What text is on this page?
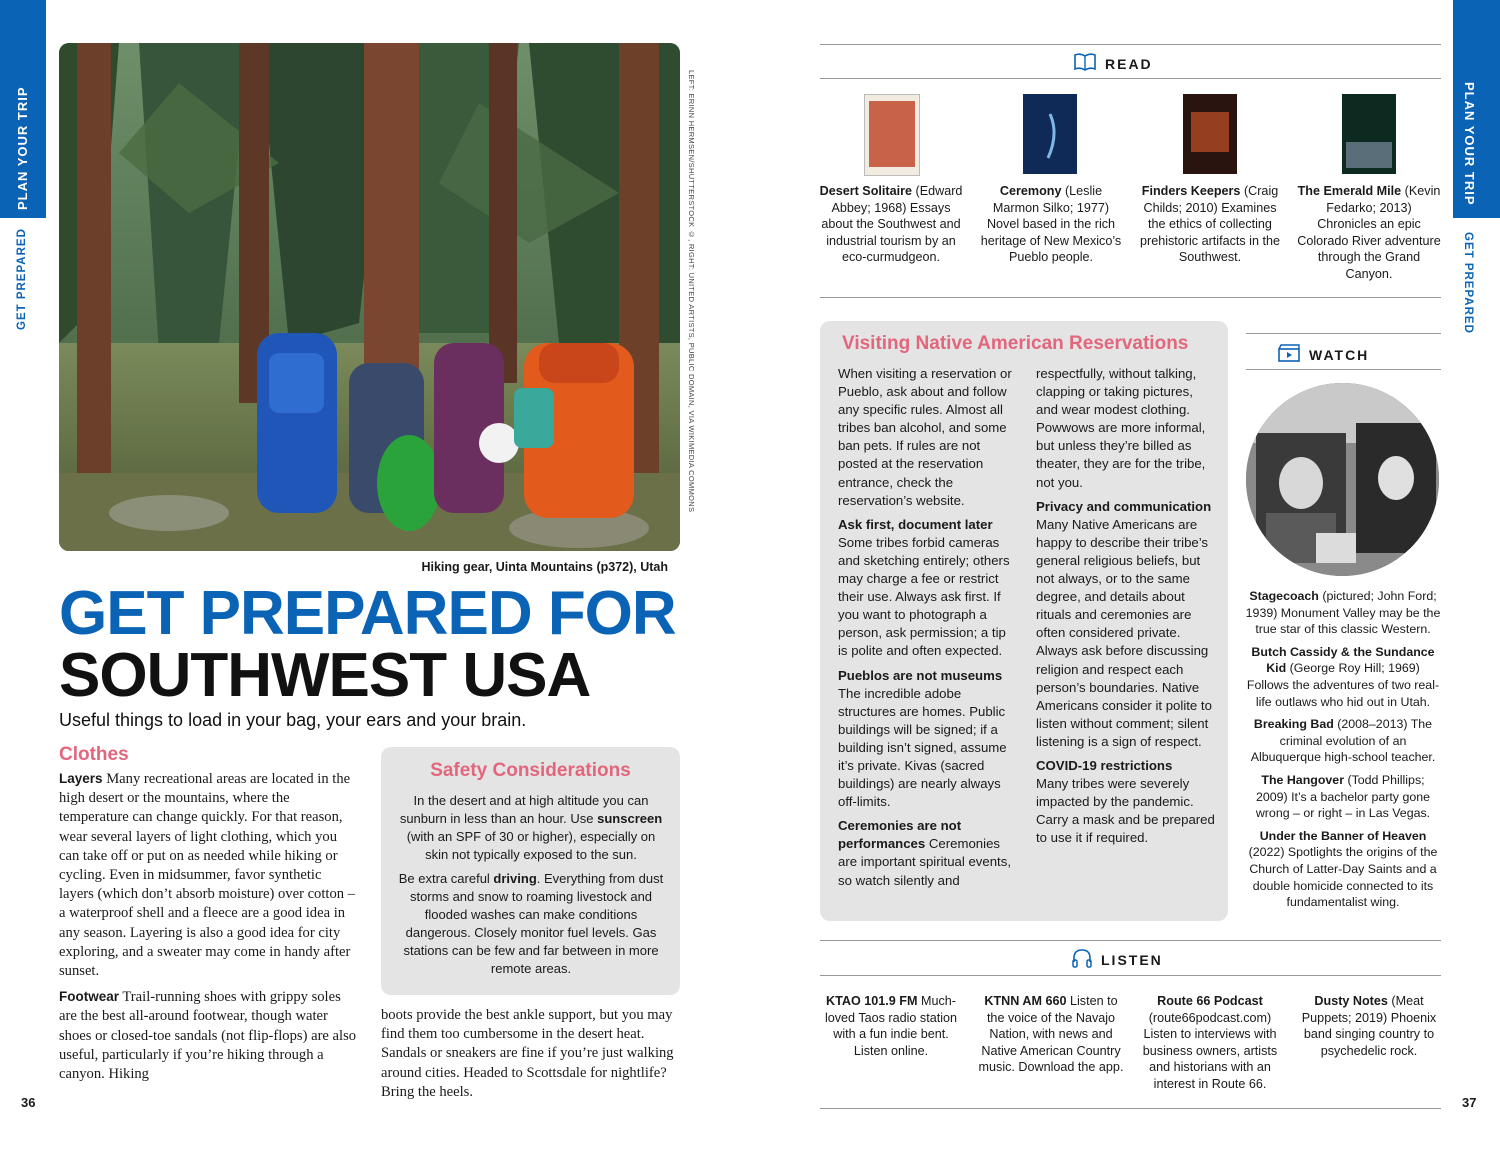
PLAN YOUR TRIP
GET PREPARED
PLAN YOUR TRIP
GET PREPARED
LEFT: ERINN HERMSEN/SHUTTERSTOCK ©, RIGHT: UNITED ARTISTS, PUBLIC DOMAIN, VIA WIKIMEDIA COMMONS
Hiking gear, Uinta Mountains (p372), Utah
GET PREPARED FOR
SOUTHWEST USA
Useful things to load in your bag, your ears and your brain.
Clothes
Layers Many recreational areas are located in the high desert or the mountains, where the temperature can change quickly. For that reason, wear several layers of light clothing, which you can take off or put on as needed while hiking or cycling. Even in midsummer, favor synthetic layers (which don’t absorb moisture) over cotton – a waterproof shell and a fleece are a good idea in any season. Layering is also a good idea for city exploring, and a sweater may come in handy after sunset.
Footwear Trail-running shoes with grippy soles are the best all-around footwear, though water shoes or closed-toe sandals (not flip-flops) are also useful, particularly if you’re hiking through a canyon. Hiking
boots provide the best ankle support, but you may find them too cumbersome in the desert heat. Sandals or sneakers are fine if you’re just walking around cities. Headed to Scottsdale for nightlife? Bring the heels.
Safety Considerations
In the desert and at high altitude you can sunburn in less than an hour. Use sunscreen (with an SPF of 30 or higher), especially on skin not typically exposed to the sun.
Be extra careful driving. Everything from dust storms and snow to roaming livestock and flooded washes can make conditions dangerous. Closely monitor fuel levels. Gas stations can be few and far between in more remote areas.
36	37
READ
Desert Solitaire (Edward Abbey; 1968) Essays about the Southwest and industrial tourism by an eco-curmudgeon.
Ceremony (Leslie Marmon Silko; 1977) Novel based in the rich heritage of New Mexico’s Pueblo people.
Finders Keepers (Craig Childs; 2010) Examines the ethics of collecting prehistoric artifacts in the Southwest.
The Emerald Mile (Kevin Fedarko; 2013) Chronicles an epic Colorado River adventure through the Grand Canyon.
Visiting Native American Reservations

When visiting a reservation or Pueblo, ask about and follow any specific rules. Almost all tribes ban alcohol, and some ban pets. If rules are not posted at the reservation entrance, check the reservation’s website.

Ask first, document later
Some tribes forbid cameras and sketching entirely; others may charge a fee or restrict their use. Always ask first. If you want to photograph a person, ask permission; a tip is polite and often expected.

Pueblos are not museums
The incredible adobe structures are homes. Public buildings will be signed; if a building isn’t signed, assume it’s private. Kivas (sacred buildings) are nearly always off-limits.

Ceremonies are not performances Ceremonies are important spiritual events, so watch silently and

respectfully, without talking, clapping or taking pictures, and wear modest clothing. Powwows are more informal, but unless they’re billed as theater, they are for the tribe, not you.

Privacy and communication
Many Native Americans are happy to describe their tribe’s general religious beliefs, but not always, or to the same degree, and details about rituals and ceremonies are often considered private. Always ask before discussing religion and respect each person’s boundaries. Native Americans consider it polite to listen without comment; silent listening is a sign of respect.

COVID-19 restrictions
Many tribes were severely impacted by the pandemic. Carry a mask and be prepared to use it if required.

WATCH

Stagecoach (pictured; John Ford; 1939) Monument Valley may be the true star of this classic Western.

Butch Cassidy & the Sundance Kid (George Roy Hill; 1969) Follows the adventures of two real-life outlaws who hid out in Utah.

Breaking Bad (2008–2013) The criminal evolution of an Albuquerque high-school teacher.

The Hangover (Todd Phillips; 2009) It’s a bachelor party gone wrong – or right – in Las Vegas.

Under the Banner of Heaven (2022) Spotlights the origins of the Church of Latter-Day Saints and a double homicide connected to its fundamentalist wing.

LISTEN
KTAO 101.9 FM Much-loved Taos radio station with a fun indie bent. Listen online.
KTNN AM 660 Listen to the voice of the Navajo Nation, with news and Native American Country music. Download the app.
Route 66 Podcast (route66podcast.com) Listen to interviews with business owners, artists and historians with an interest in Route 66.
Dusty Notes (Meat Puppets; 2019) Phoenix band singing country to psychedelic rock.
